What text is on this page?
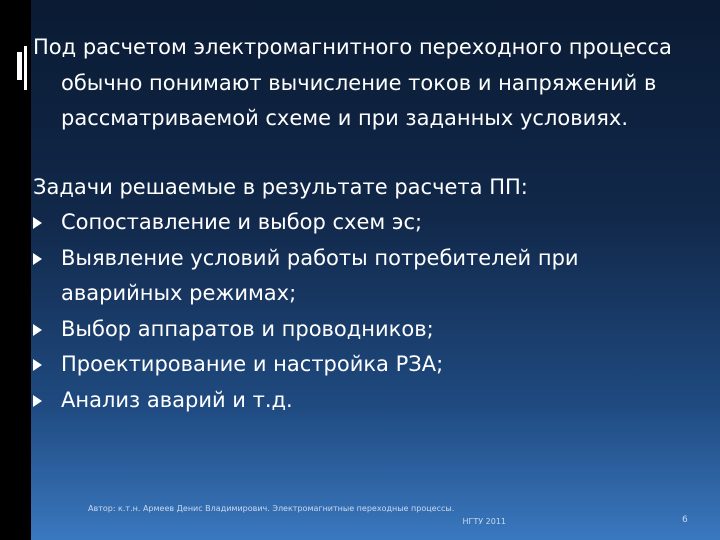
Под расчетом электромагнитного переходного процесса обычно понимают вычисление токов и напряжений в рассматриваемой схеме и при заданных условиях.

Задачи решаемые в результате расчета ПП:

Сопоставление и выбор схем эс;
Выявление условий работы потребителей при аварийных режимах;
Выбор аппаратов и проводников;
Проектирование и настройка РЗА;
Анализ аварий и т.д.
Автор: к.т.н. Армеев Денис Владимирович. Электромагнитные переходные процессы.
НГТУ 2011	6
